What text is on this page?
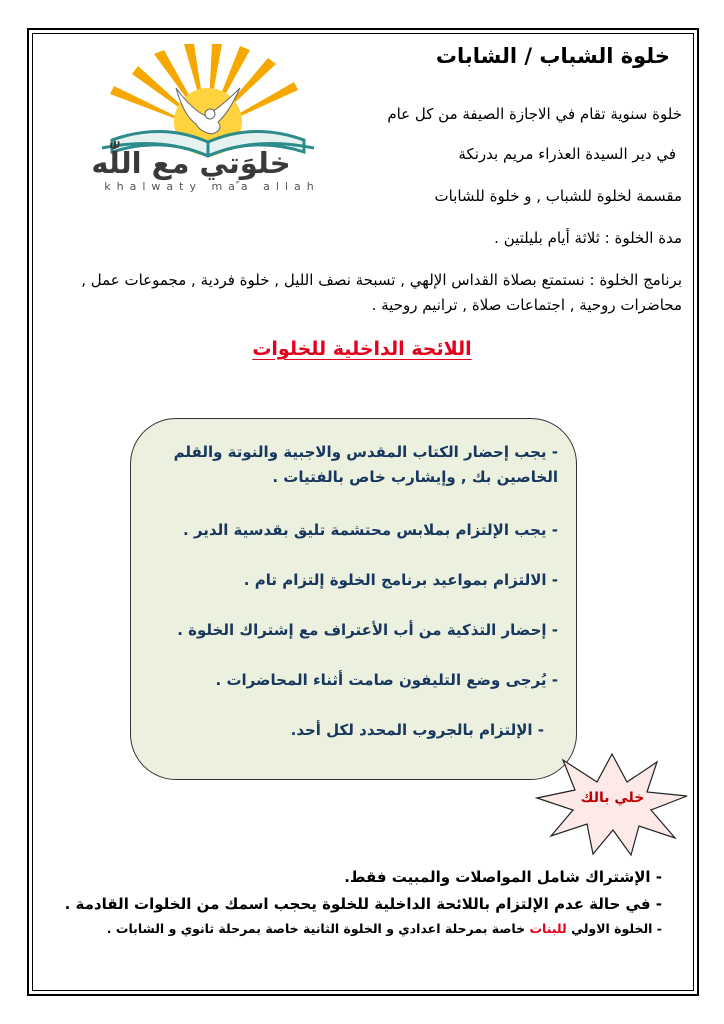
خلوَتي مع اللّٰه
khalwaty maًa allah
خلوة الشباب / الشابات
خلوة سنوية تقام في الاجازة الصيفة من كل عام
في دير السيدة العذراء مريم بدرنكة
مقسمة لخلوة للشباب , و خلوة للشابات
مدة الخلوة : ثلاثة أيام بليلتين .
برنامج الخلوة : نستمتع بصلاة القداس الإلهي , تسبحة نصف الليل , خلوة فردية , مجموعات عمل , محاضرات روحية , اجتماعات صلاة , ترانيم روحية .
اللائحة الداخلية للخلوات
- يجب إحضار الكتاب المقدس والاجبية والنوتة والقلم الخاصين بك , وإيشارب خاص بالفتيات .
- يجب الإلتزام بملابس محتشمة تليق بقدسية الدير .
- الالتزام بمواعيد برنامج الخلوة إلتزام تام .
- إحضار التذكية من أب الأعتراف مع إشتراك الخلوة .
- يُرجى وضع التليفون صامت أثناء المحاضرات .
- الإلتزام بالجروب المحدد لكل أحد.
خلي بالك
- الإشتراك شامل المواصلات والمبيت فقط.
- في حالة عدم الإلتزام باللائحة الداخلية للخلوة يحجب اسمك من الخلوات القادمة .
- الخلوة الاولي للبنات خاصة بمرحلة اعدادي و الخلوة الثانية خاصة بمرحلة ثانوي و الشابات .
